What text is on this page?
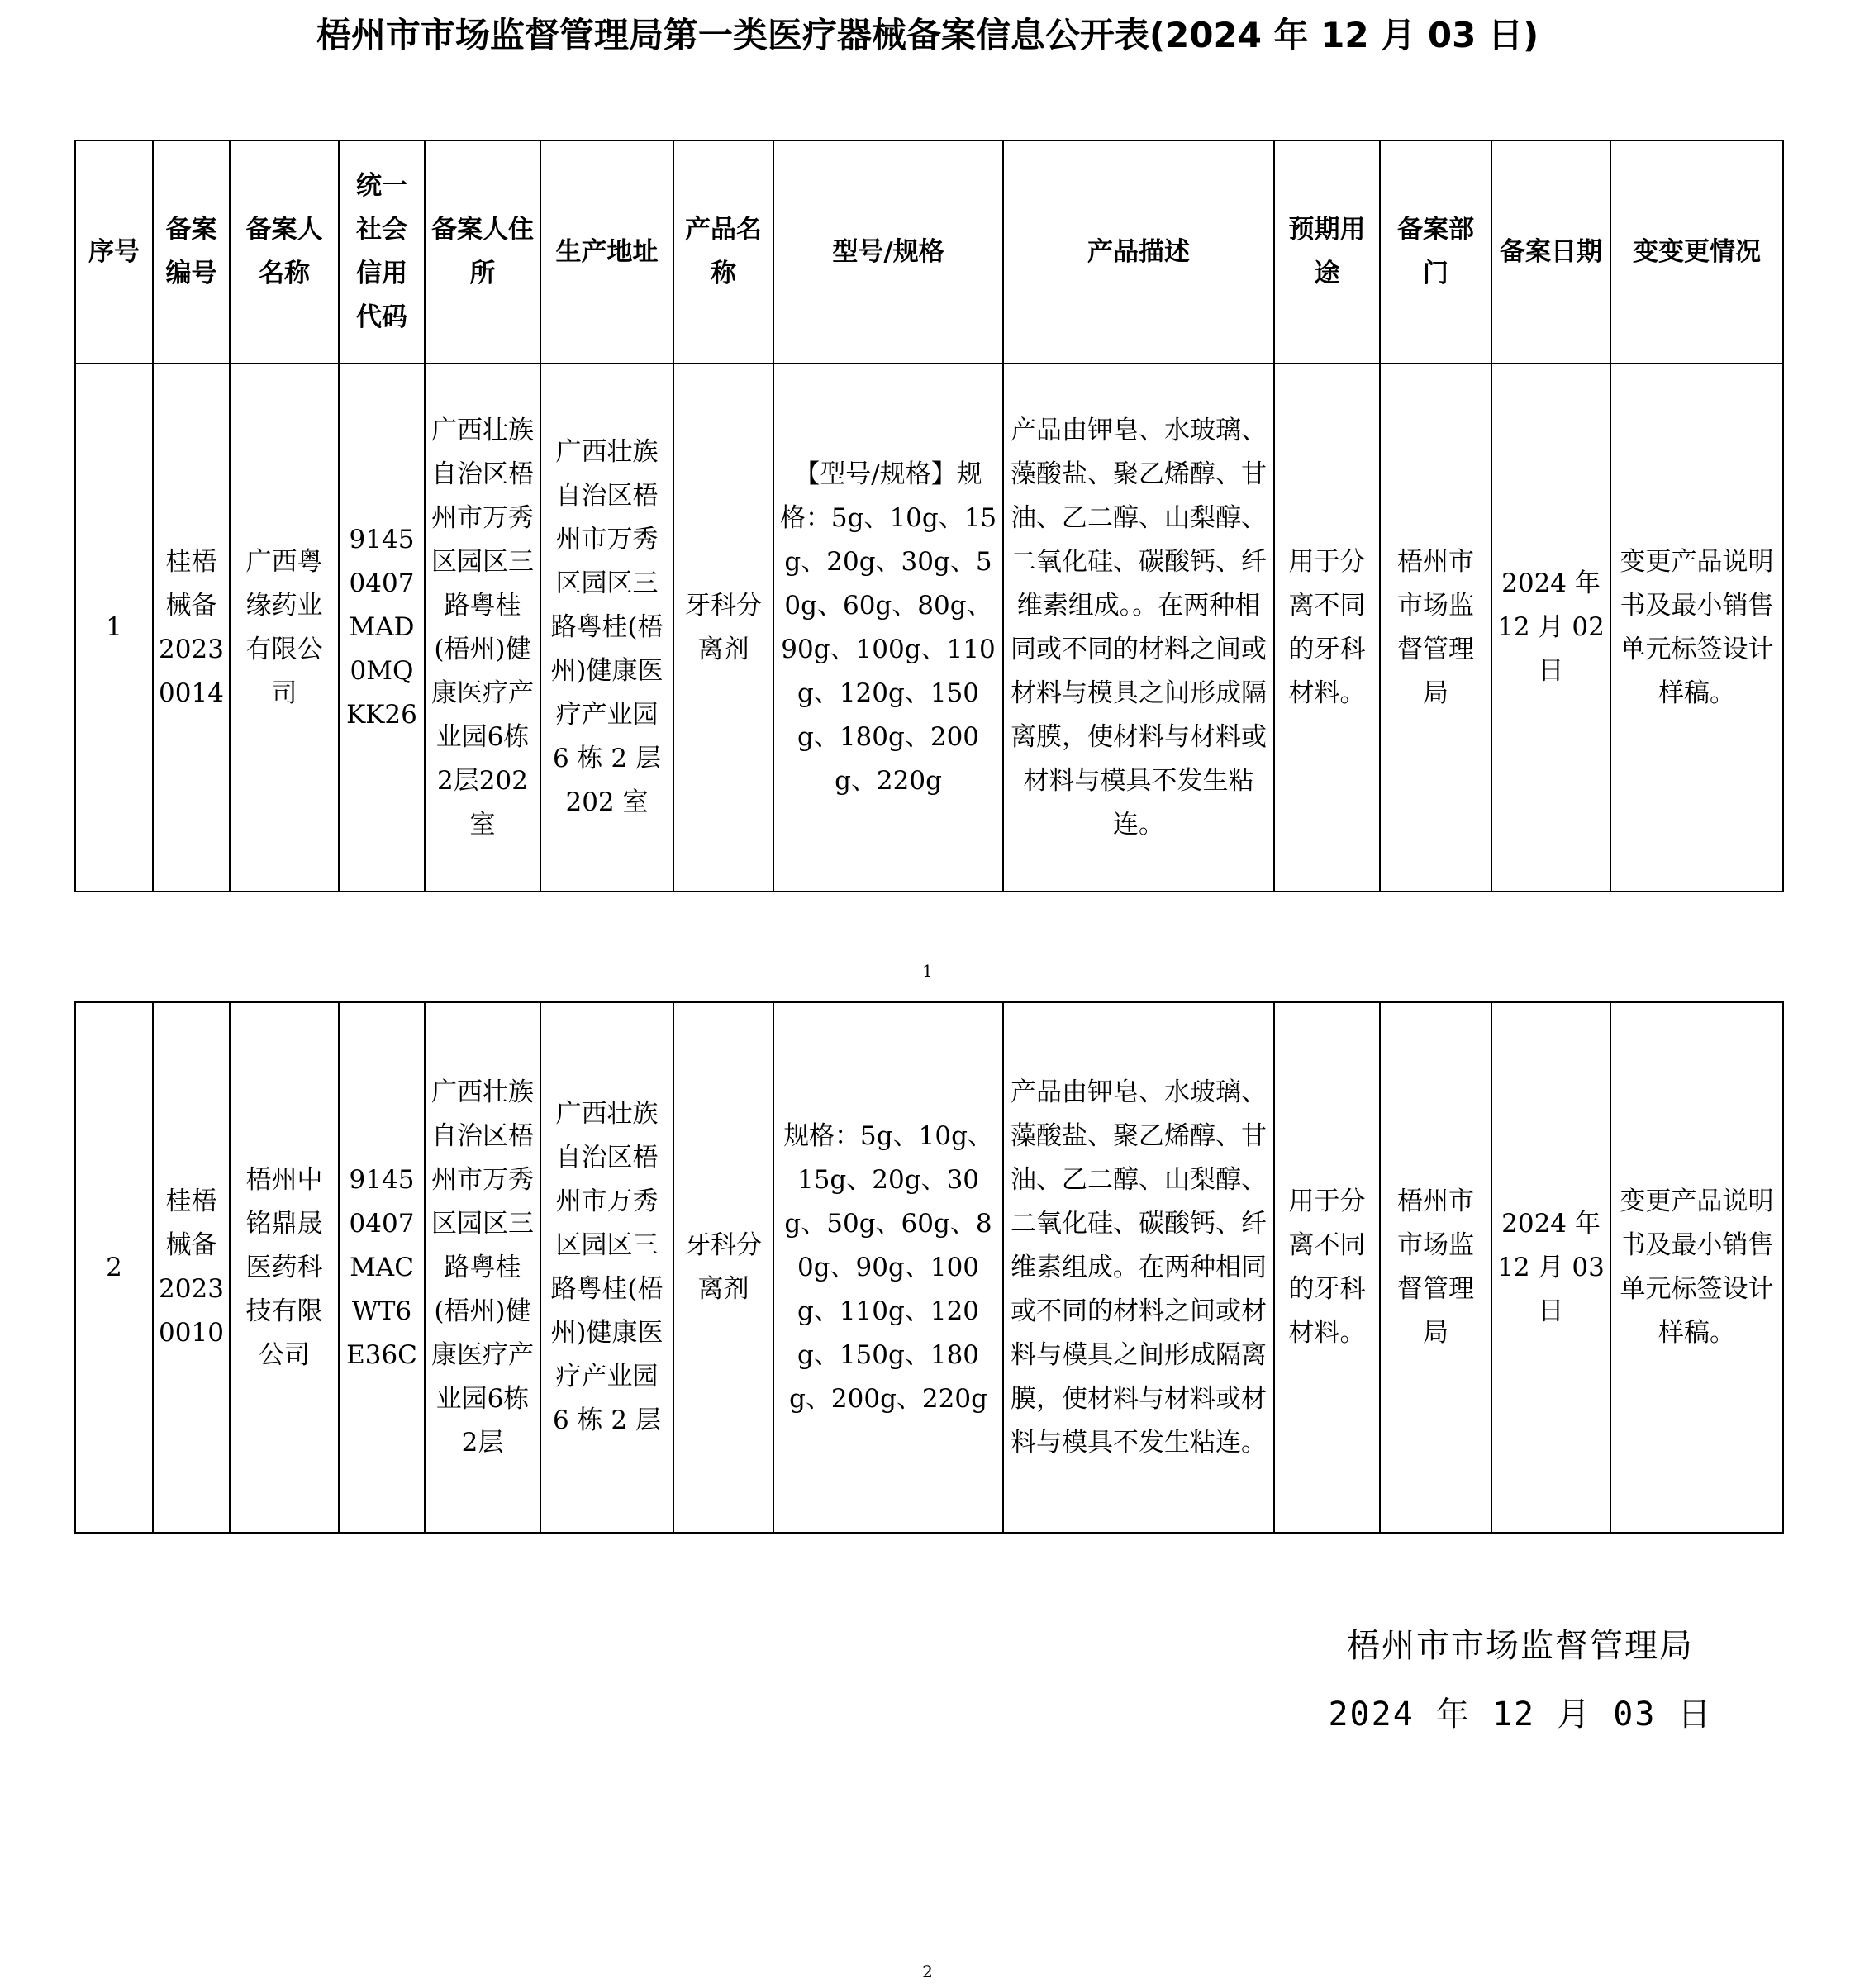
梧州市市场监督管理局第一类医疗器械备案信息公开表(2024 年 12 月 03 日)
序号	备案编号	备案人名称	统一社会信用代码	备案人住所	生产地址	产品名称	型号/规格	产品描述	预期用途	备案部门	备案日期	变变更情况
1	桂梧械备20230014	广西粤缘药业有限公司	91450407MAD0MQKK26	广西壮族自治区梧州市万秀区园区三路粤桂(梧州)健康医疗产业园6栋2层202室	广西壮族自治区梧州市万秀区园区三路粤桂(梧州)健康医疗产业园 6 栋 2 层 202 室	牙科分离剂	【型号/规格】规格：5g、10g、15g、20g、30g、50g、60g、80g、90g、100g、110g、120g、150g、180g、200g、220g	产品由钾皂、水玻璃、藻酸盐、聚乙烯醇、甘油、乙二醇、山梨醇、二氧化硅、碳酸钙、纤维素组成。。在两种相同或不同的材料之间或材料与模具之间形成隔离膜，使材料与材料或材料与模具不发生粘连。	用于分离不同的牙科材料。	梧州市市场监督管理局	2024 年 12 月 02 日	变更产品说明书及最小销售单元标签设计样稿。
1
2	桂梧械备20230010	梧州中铭鼎晟医药科技有限公司	91450407MACWT6E36C	广西壮族自治区梧州市万秀区园区三路粤桂(梧州)健康医疗产业园6栋2层	广西壮族自治区梧州市万秀区园区三路粤桂(梧州)健康医疗产业园 6 栋 2 层	牙科分离剂	规格：5g、10g、15g、20g、30g、50g、60g、80g、90g、100g、110g、120g、150g、180g、200g、220g	产品由钾皂、水玻璃、藻酸盐、聚乙烯醇、甘油、乙二醇、山梨醇、二氧化硅、碳酸钙、纤维素组成。在两种相同或不同的材料之间或材料与模具之间形成隔离膜，使材料与材料或材料与模具不发生粘连。	用于分离不同的牙科材料。	梧州市市场监督管理局	2024 年 12 月 03 日	变更产品说明书及最小销售单元标签设计样稿。
梧州市市场监督管理局
2024 年 12 月 03 日
2
